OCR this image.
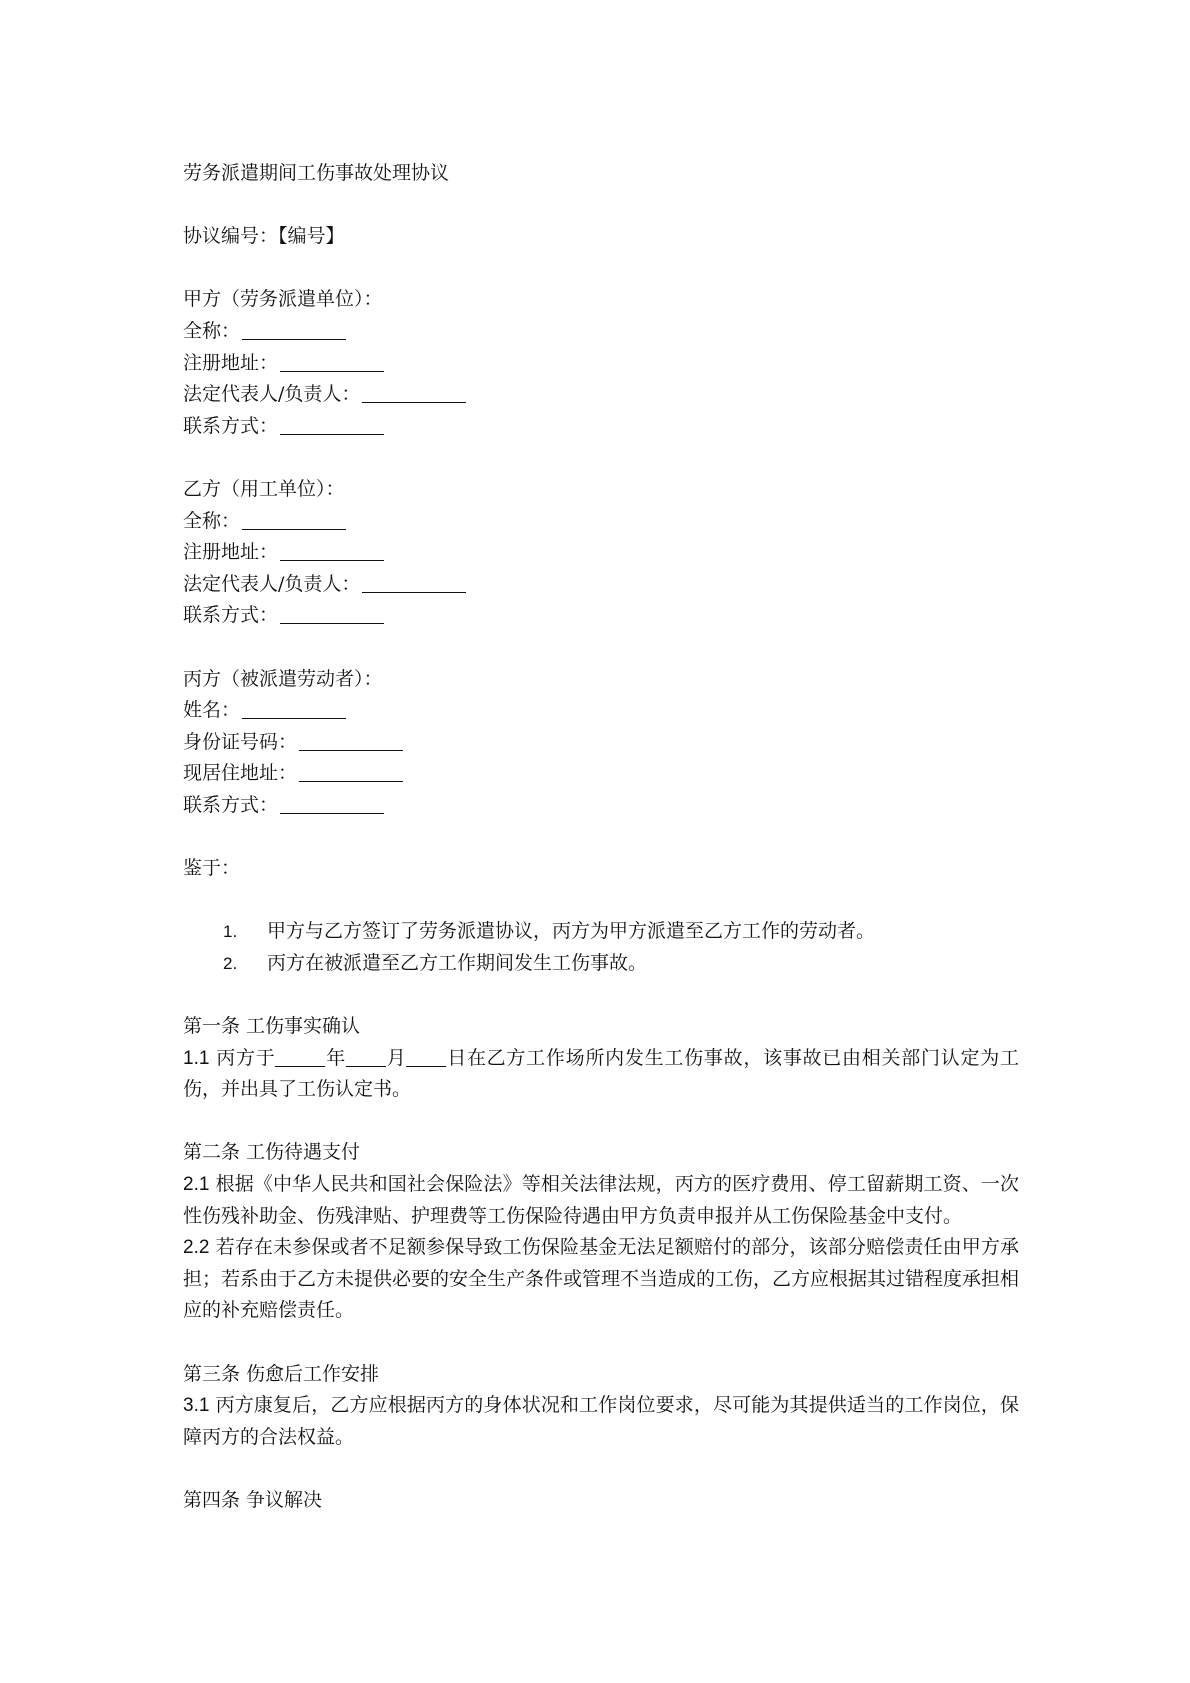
劳务派遣期间工伤事故处理协议

协议编号：【编号】

甲方（劳务派遣单位）：

全称：

注册地址：

法定代表人/负责人：

联系方式：

乙方（用工单位）：

全称：

注册地址：

法定代表人/负责人：

联系方式：

丙方（被派遣劳动者）：

姓名：

身份证号码：

现居住地址：

联系方式：

鉴于：

1. 甲方与乙方签订了劳务派遣协议，丙方为甲方派遣至乙方工作的劳动者。
2. 丙方在被派遣至乙方工作期间发生工伤事故。

第一条 工伤事实确认

1.1 丙方于	年 月 日在乙方工作场所内发生工伤事故，该事故已由相关部门认定为工伤，并出具了工伤认定书。

第二条 工伤待遇支付

2.1 根据《中华人民共和国社会保险法》等相关法律法规，丙方的医疗费用、停工留薪期工资、一次性伤残补助金、伤残津贴、护理费等工伤保险待遇由甲方负责申报并从工伤保险基金中支付。

2.2 若存在未参保或者不足额参保导致工伤保险基金无法足额赔付的部分，该部分赔偿责任由甲方承担；若系由于乙方未提供必要的安全生产条件或管理不当造成的工伤，乙方应根据其过错程度承担相应的补充赔偿责任。

第三条 伤愈后工作安排

3.1 丙方康复后，乙方应根据丙方的身体状况和工作岗位要求，尽可能为其提供适当的工作岗位，保障丙方的合法权益。

第四条 争议解决
